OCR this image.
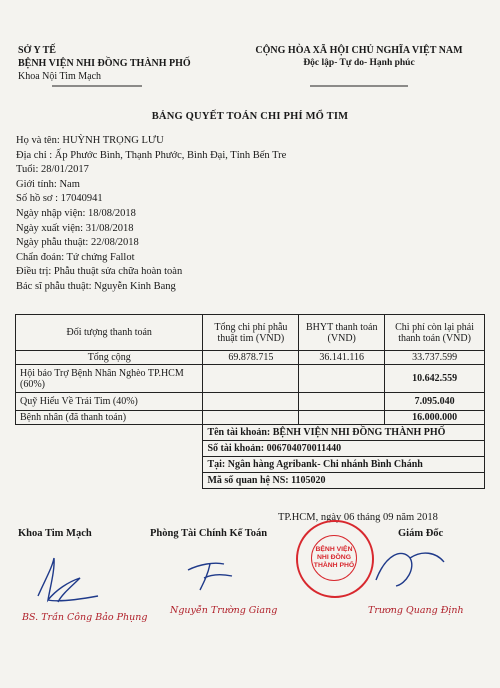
SỞ Y TẾ
BỆNH VIỆN NHI ĐỒNG THÀNH PHỐ
Khoa Nội Tim Mạch
CỘNG HÒA XÃ HỘI CHỦ NGHĨA VIỆT NAM
Độc lập- Tự do- Hạnh phúc
BẢNG QUYẾT TOÁN CHI PHÍ MỔ TIM
Họ và tên: HUỲNH TRỌNG LƯU
Địa chỉ : Ấp Phước Bình, Thạnh Phước, Bình Đại, Tỉnh Bến Tre
Tuổi: 28/01/2017
Giới tính: Nam
Số hồ sơ : 17040941
Ngày nhập viện: 18/08/2018
Ngày xuất viện: 31/08/2018
Ngày phẫu thuật: 22/08/2018
Chẩn đoán: Tứ chứng Fallot
Điều trị: Phẫu thuật sửa chữa hoàn toàn
Bác sĩ phẫu thuật: Nguyễn Kinh Bang
Đối tượng thanh toán	Tổng chi phí phẫu thuật tim (VND)	BHYT thanh toán (VND)	Chi phí còn lại phải thanh toán (VND)
Tổng cộng	69.878.715	36.141.116	33.737.599
Hội bảo Trợ Bệnh Nhân Nghèo TP.HCM (60%)			10.642.559
Quỹ Hiểu Về Trái Tim (40%)			7.095.040
Bệnh nhân (đã thanh toán)			16.000.000
	Tên tài khoản: BỆNH VIỆN NHI ĐỒNG THÀNH PHỐ		
	Số tài khoản: 006704070011440		
	Tại: Ngân hàng Agribank- Chi nhánh Bình Chánh		
	Mã số quan hệ NS: 1105020		
TP.HCM, ngày 06 tháng 09 năm 2018
Khoa Tim Mạch	Phòng Tài Chính Kế Toán	Giám Đốc
BỆNH VIỆN
NHI ĐỒNG
THÀNH PHỐ
BS. Trần Công Bảo Phụng
Nguyễn Trường Giang	Trương Quang Định
